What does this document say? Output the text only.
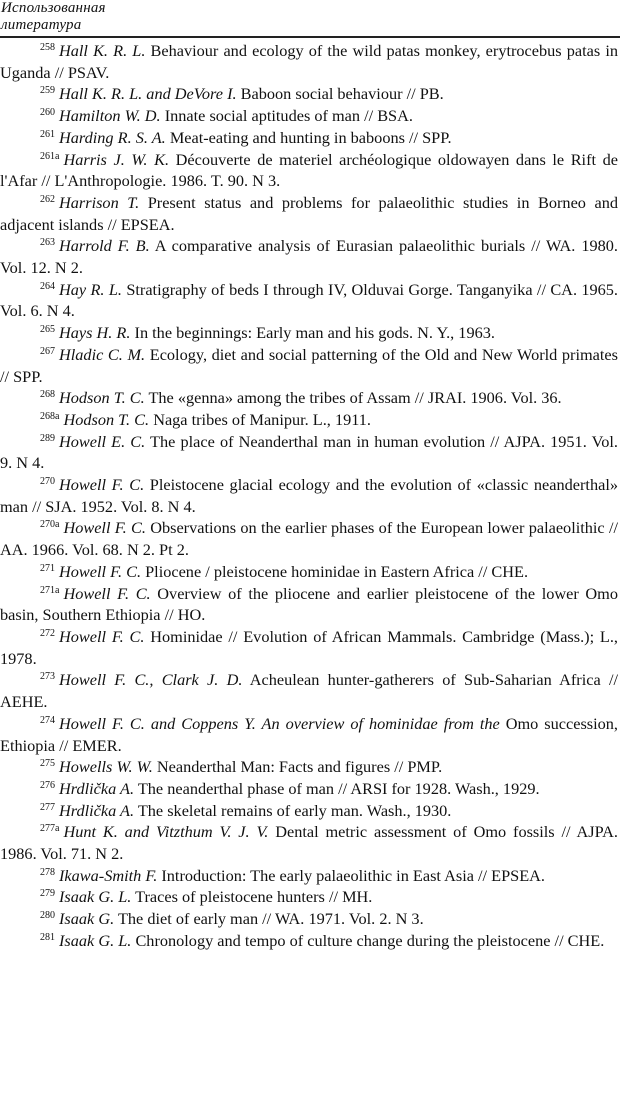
Использованная
литература

$^{258}$ Hall K. R. L. Behaviour and ecology of the wild patas monkey, erytrocebus patas in Uganda // PSAV.

$^{259}$ Hall K. R. L. and DeVore I. Baboon social behaviour // PB.

$^{260}$ Hamilton W. D. Innate social aptitudes of man // BSA.

$^{261}$ Harding R. S. A. Meat-eating and hunting in baboons // SPP.

$^{261a}$ Harris J. W. K. Découverte de materiel archéologique oldowayen dans le Rift de l'Afar // L'Anthropologie. 1986. T. 90. N 3.

$^{262}$ Harrison T. Present status and problems for palaeolithic studies in Borneo and adjacent islands // EPSEA.

$^{263}$ Harrold F. B. A comparative analysis of Eurasian palaeolithic burials // WA. 1980. Vol. 12. N 2.

$^{264}$ Hay R. L. Stratigraphy of beds I through IV, Olduvai Gorge. Tanganyika // CA. 1965. Vol. 6. N 4.

$^{265}$ Hays H. R. In the beginnings: Early man and his gods. N. Y., 1963.

$^{267}$ Hladic C. M. Ecology, diet and social patterning of the Old and New World primates // SPP.

$^{268}$ Hodson T. C. The «genna» among the tribes of Assam // JRAI. 1906. Vol. 36.

$^{268a}$ Hodson T. C. Naga tribes of Manipur. L., 1911.

$^{289}$ Howell E. C. The place of Neanderthal man in human evolution // AJPA. 1951. Vol. 9. N 4.

$^{270}$ Howell F. C. Pleistocene glacial ecology and the evolution of «classic neanderthal» man // SJA. 1952. Vol. 8. N 4.

$^{270a}$ Howell F. C. Observations on the earlier phases of the European lower palaeolithic // AA. 1966. Vol. 68. N 2. Pt 2.

$^{271}$ Howell F. C. Pliocene / pleistocene hominidae in Eastern Africa // CHE.

$^{271a}$ Howell F. C. Overview of the pliocene and earlier pleistocene of the lower Omo basin, Southern Ethiopia // HO.

$^{272}$ Howell F. C. Hominidae // Evolution of African Mammals. Cambridge (Mass.); L., 1978.

$^{273}$ Howell F. C., Clark J. D. Acheulean hunter-gatherers of Sub-Saharian Africa // AEHE.

$^{274}$ Howell F. C. and Coppens Y. An overview of hominidae from the Omo succession, Ethiopia // EMER.

$^{275}$ Howells W. W. Neanderthal Man: Facts and figures // PMP.

$^{276}$ Hrdlička A. The neanderthal phase of man // ARSI for 1928. Wash., 1929.

$^{277}$ Hrdlička A. The skeletal remains of early man. Wash., 1930.

$^{277a}$ Hunt K. and Vitzthum V. J. V. Dental metric assessment of Omo fossils // AJPA. 1986. Vol. 71. N 2.

$^{278}$ Ikawa-Smith F. Introduction: The early palaeolithic in East Asia // EPSEA.

$^{279}$ Isaak G. L. Traces of pleistocene hunters // MH.

$^{280}$ Isaak G. The diet of early man // WA. 1971. Vol. 2. N 3.

$^{281}$ Isaak G. L. Chronology and tempo of culture change during the pleistocene // CHE.
